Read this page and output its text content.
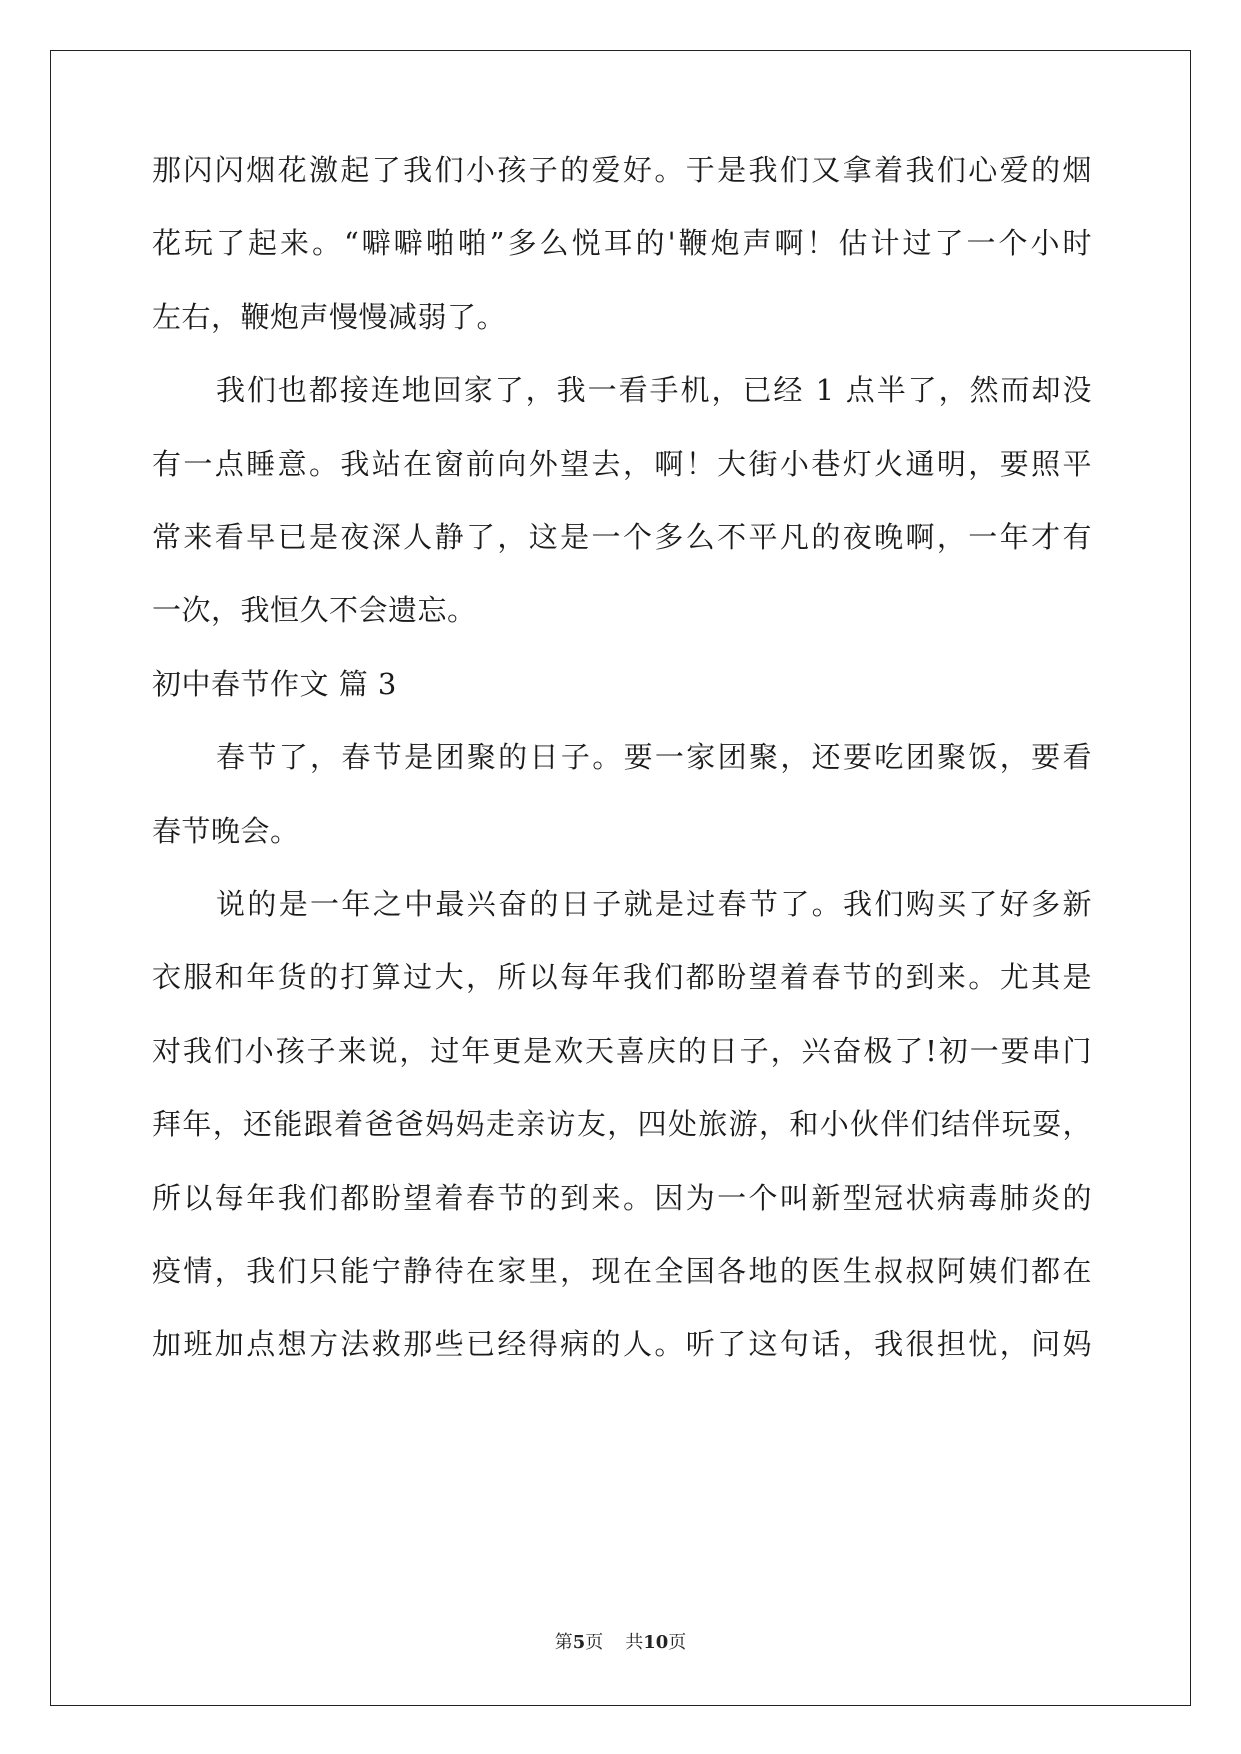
那闪闪烟花激起了我们小孩子的爱好。于是我们又拿着我们心爱的烟
花玩了起来。“噼噼啪啪”多么悦耳的'鞭炮声啊！估计过了一个小时
左右，鞭炮声慢慢减弱了。
我们也都接连地回家了，我一看手机，已经 1 点半了，然而却没
有一点睡意。我站在窗前向外望去，啊！大街小巷灯火通明，要照平
常来看早已是夜深人静了，这是一个多么不平凡的夜晚啊，一年才有
一次，我恒久不会遗忘。
初中春节作文 篇 3
春节了，春节是团聚的日子。要一家团聚，还要吃团聚饭，要看
春节晚会。
说的是一年之中最兴奋的日子就是过春节了。我们购买了好多新
衣服和年货的打算过大，所以每年我们都盼望着春节的到来。尤其是
对我们小孩子来说，过年更是欢天喜庆的日子，兴奋极了!初一要串门
拜年，还能跟着爸爸妈妈走亲访友，四处旅游，和小伙伴们结伴玩耍，
所以每年我们都盼望着春节的到来。因为一个叫新型冠状病毒肺炎的
疫情，我们只能宁静待在家里，现在全国各地的医生叔叔阿姨们都在
加班加点想方法救那些已经得病的人。听了这句话，我很担忧，问妈
第5页 共10页
